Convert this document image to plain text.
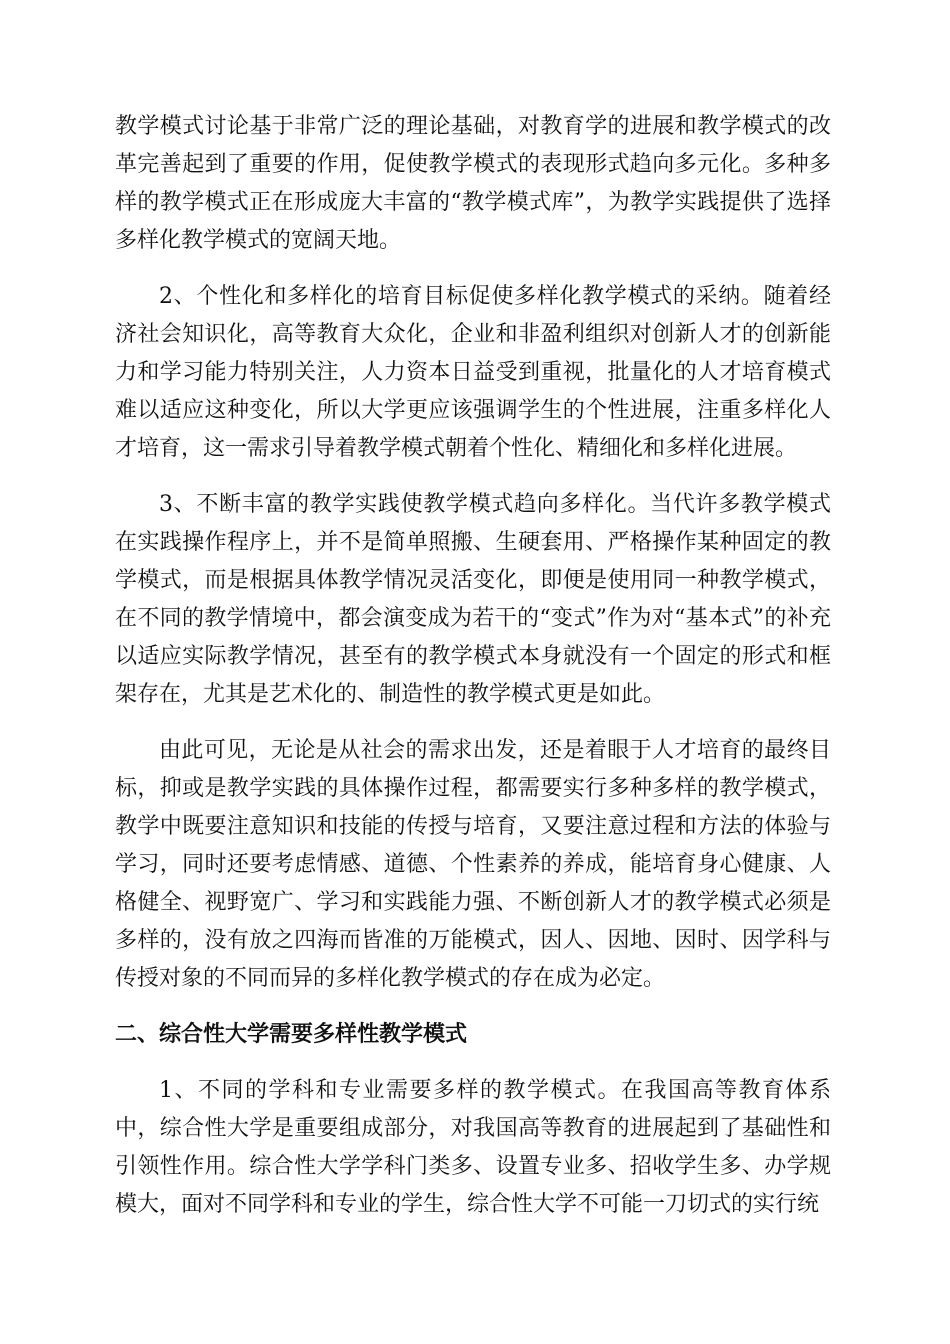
教学模式讨论基于非常广泛的理论基础，对教育学的进展和教学模式的改革完善起到了重要的作用，促使教学模式的表现形式趋向多元化。多种多样的教学模式正在形成庞大丰富的“教学模式库”，为教学实践提供了选择多样化教学模式的宽阔天地。

2、个性化和多样化的培育目标促使多样化教学模式的采纳。随着经济社会知识化，高等教育大众化，企业和非盈利组织对创新人才的创新能力和学习能力特别关注，人力资本日益受到重视，批量化的人才培育模式难以适应这种变化，所以大学更应该强调学生的个性进展，注重多样化人才培育，这一需求引导着教学模式朝着个性化、精细化和多样化进展。

3、不断丰富的教学实践使教学模式趋向多样化。当代许多教学模式在实践操作程序上，并不是简单照搬、生硬套用、严格操作某种固定的教学模式，而是根据具体教学情况灵活变化，即便是使用同一种教学模式，在不同的教学情境中，都会演变成为若干的“变式”作为对“基本式”的补充以适应实际教学情况，甚至有的教学模式本身就没有一个固定的形式和框架存在，尤其是艺术化的、制造性的教学模式更是如此。

由此可见，无论是从社会的需求出发，还是着眼于人才培育的最终目标，抑或是教学实践的具体操作过程，都需要实行多种多样的教学模式，教学中既要注意知识和技能的传授与培育，又要注意过程和方法的体验与学习，同时还要考虑情感、道德、个性素养的养成，能培育身心健康、人格健全、视野宽广、学习和实践能力强、不断创新人才的教学模式必须是多样的，没有放之四海而皆准的万能模式，因人、因地、因时、因学科与传授对象的不同而异的多样化教学模式的存在成为必定。

二、综合性大学需要多样性教学模式

1、不同的学科和专业需要多样的教学模式。在我国高等教育体系中，综合性大学是重要组成部分，对我国高等教育的进展起到了基础性和引领性作用。综合性大学学科门类多、设置专业多、招收学生多、办学规模大，面对不同学科和专业的学生，综合性大学不可能一刀切式的实行统
